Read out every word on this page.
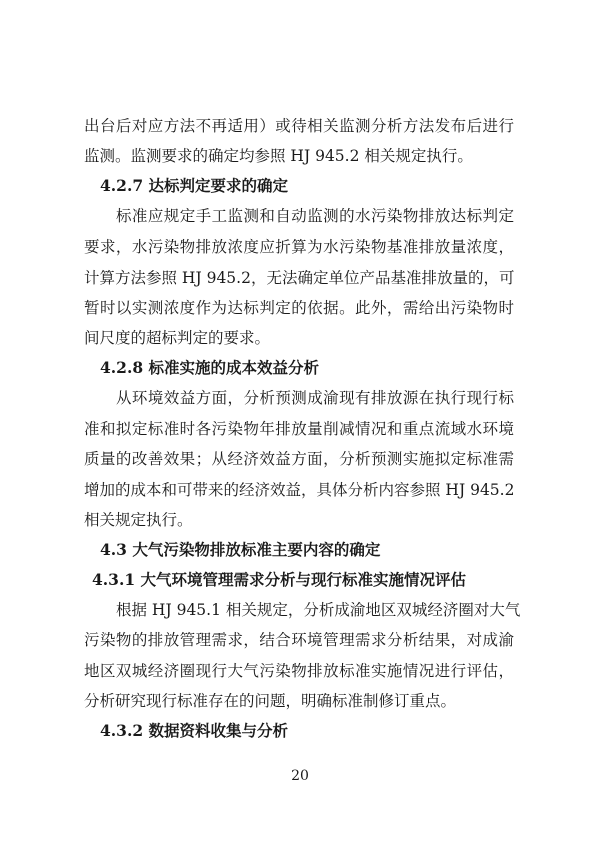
出台后对应方法不再适用）或待相关监测分析方法发布后进行
监测。监测要求的确定均参照 HJ 945.2 相关规定执行。
4.2.7 达标判定要求的确定
标准应规定手工监测和自动监测的水污染物排放达标判定
要求，水污染物排放浓度应折算为水污染物基准排放量浓度，
计算方法参照 HJ 945.2，无法确定单位产品基准排放量的，可
暂时以实测浓度作为达标判定的依据。此外，需给出污染物时
间尺度的超标判定的要求。
4.2.8 标准实施的成本效益分析
从环境效益方面，分析预测成渝现有排放源在执行现行标
准和拟定标准时各污染物年排放量削减情况和重点流域水环境
质量的改善效果；从经济效益方面，分析预测实施拟定标准需
增加的成本和可带来的经济效益，具体分析内容参照 HJ 945.2
相关规定执行。
4.3 大气污染物排放标准主要内容的确定
4.3.1 大气环境管理需求分析与现行标准实施情况评估
根据 HJ 945.1 相关规定，分析成渝地区双城经济圈对大气
污染物的排放管理需求，结合环境管理需求分析结果，对成渝
地区双城经济圈现行大气污染物排放标准实施情况进行评估，
分析研究现行标准存在的问题，明确标准制修订重点。
4.3.2 数据资料收集与分析
20
